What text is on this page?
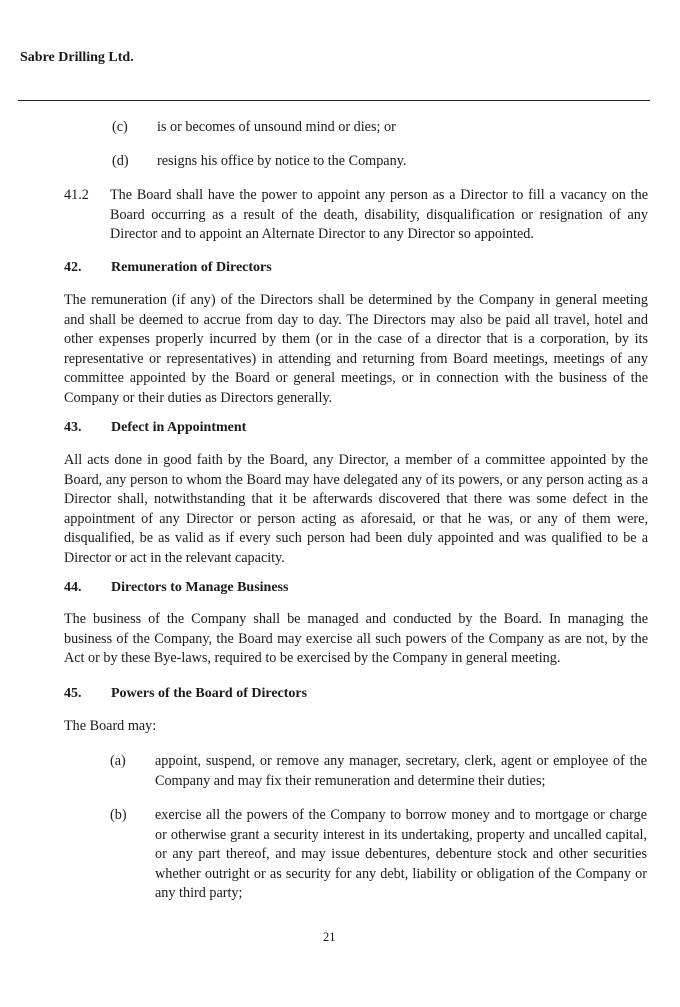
Sabre Drilling Ltd.
(c) is or becomes of unsound mind or dies; or
(d) resigns his office by notice to the Company.
41.2 The Board shall have the power to appoint any person as a Director to fill a vacancy on the Board occurring as a result of the death, disability, disqualification or resignation of any Director and to appoint an Alternate Director to any Director so appointed.
42. Remuneration of Directors
The remuneration (if any) of the Directors shall be determined by the Company in general meeting and shall be deemed to accrue from day to day. The Directors may also be paid all travel, hotel and other expenses properly incurred by them (or in the case of a director that is a corporation, by its representative or representatives) in attending and returning from Board meetings, meetings of any committee appointed by the Board or general meetings, or in connection with the business of the Company or their duties as Directors generally.
43. Defect in Appointment
All acts done in good faith by the Board, any Director, a member of a committee appointed by the Board, any person to whom the Board may have delegated any of its powers, or any person acting as a Director shall, notwithstanding that it be afterwards discovered that there was some defect in the appointment of any Director or person acting as aforesaid, or that he was, or any of them were, disqualified, be as valid as if every such person had been duly appointed and was qualified to be a Director or act in the relevant capacity.
44. Directors to Manage Business
The business of the Company shall be managed and conducted by the Board. In managing the business of the Company, the Board may exercise all such powers of the Company as are not, by the Act or by these Bye-laws, required to be exercised by the Company in general meeting.
45. Powers of the Board of Directors
The Board may:
(a) appoint, suspend, or remove any manager, secretary, clerk, agent or employee of the Company and may fix their remuneration and determine their duties;
(b) exercise all the powers of the Company to borrow money and to mortgage or charge or otherwise grant a security interest in its undertaking, property and uncalled capital, or any part thereof, and may issue debentures, debenture stock and other securities whether outright or as security for any debt, liability or obligation of the Company or any third party;
21
